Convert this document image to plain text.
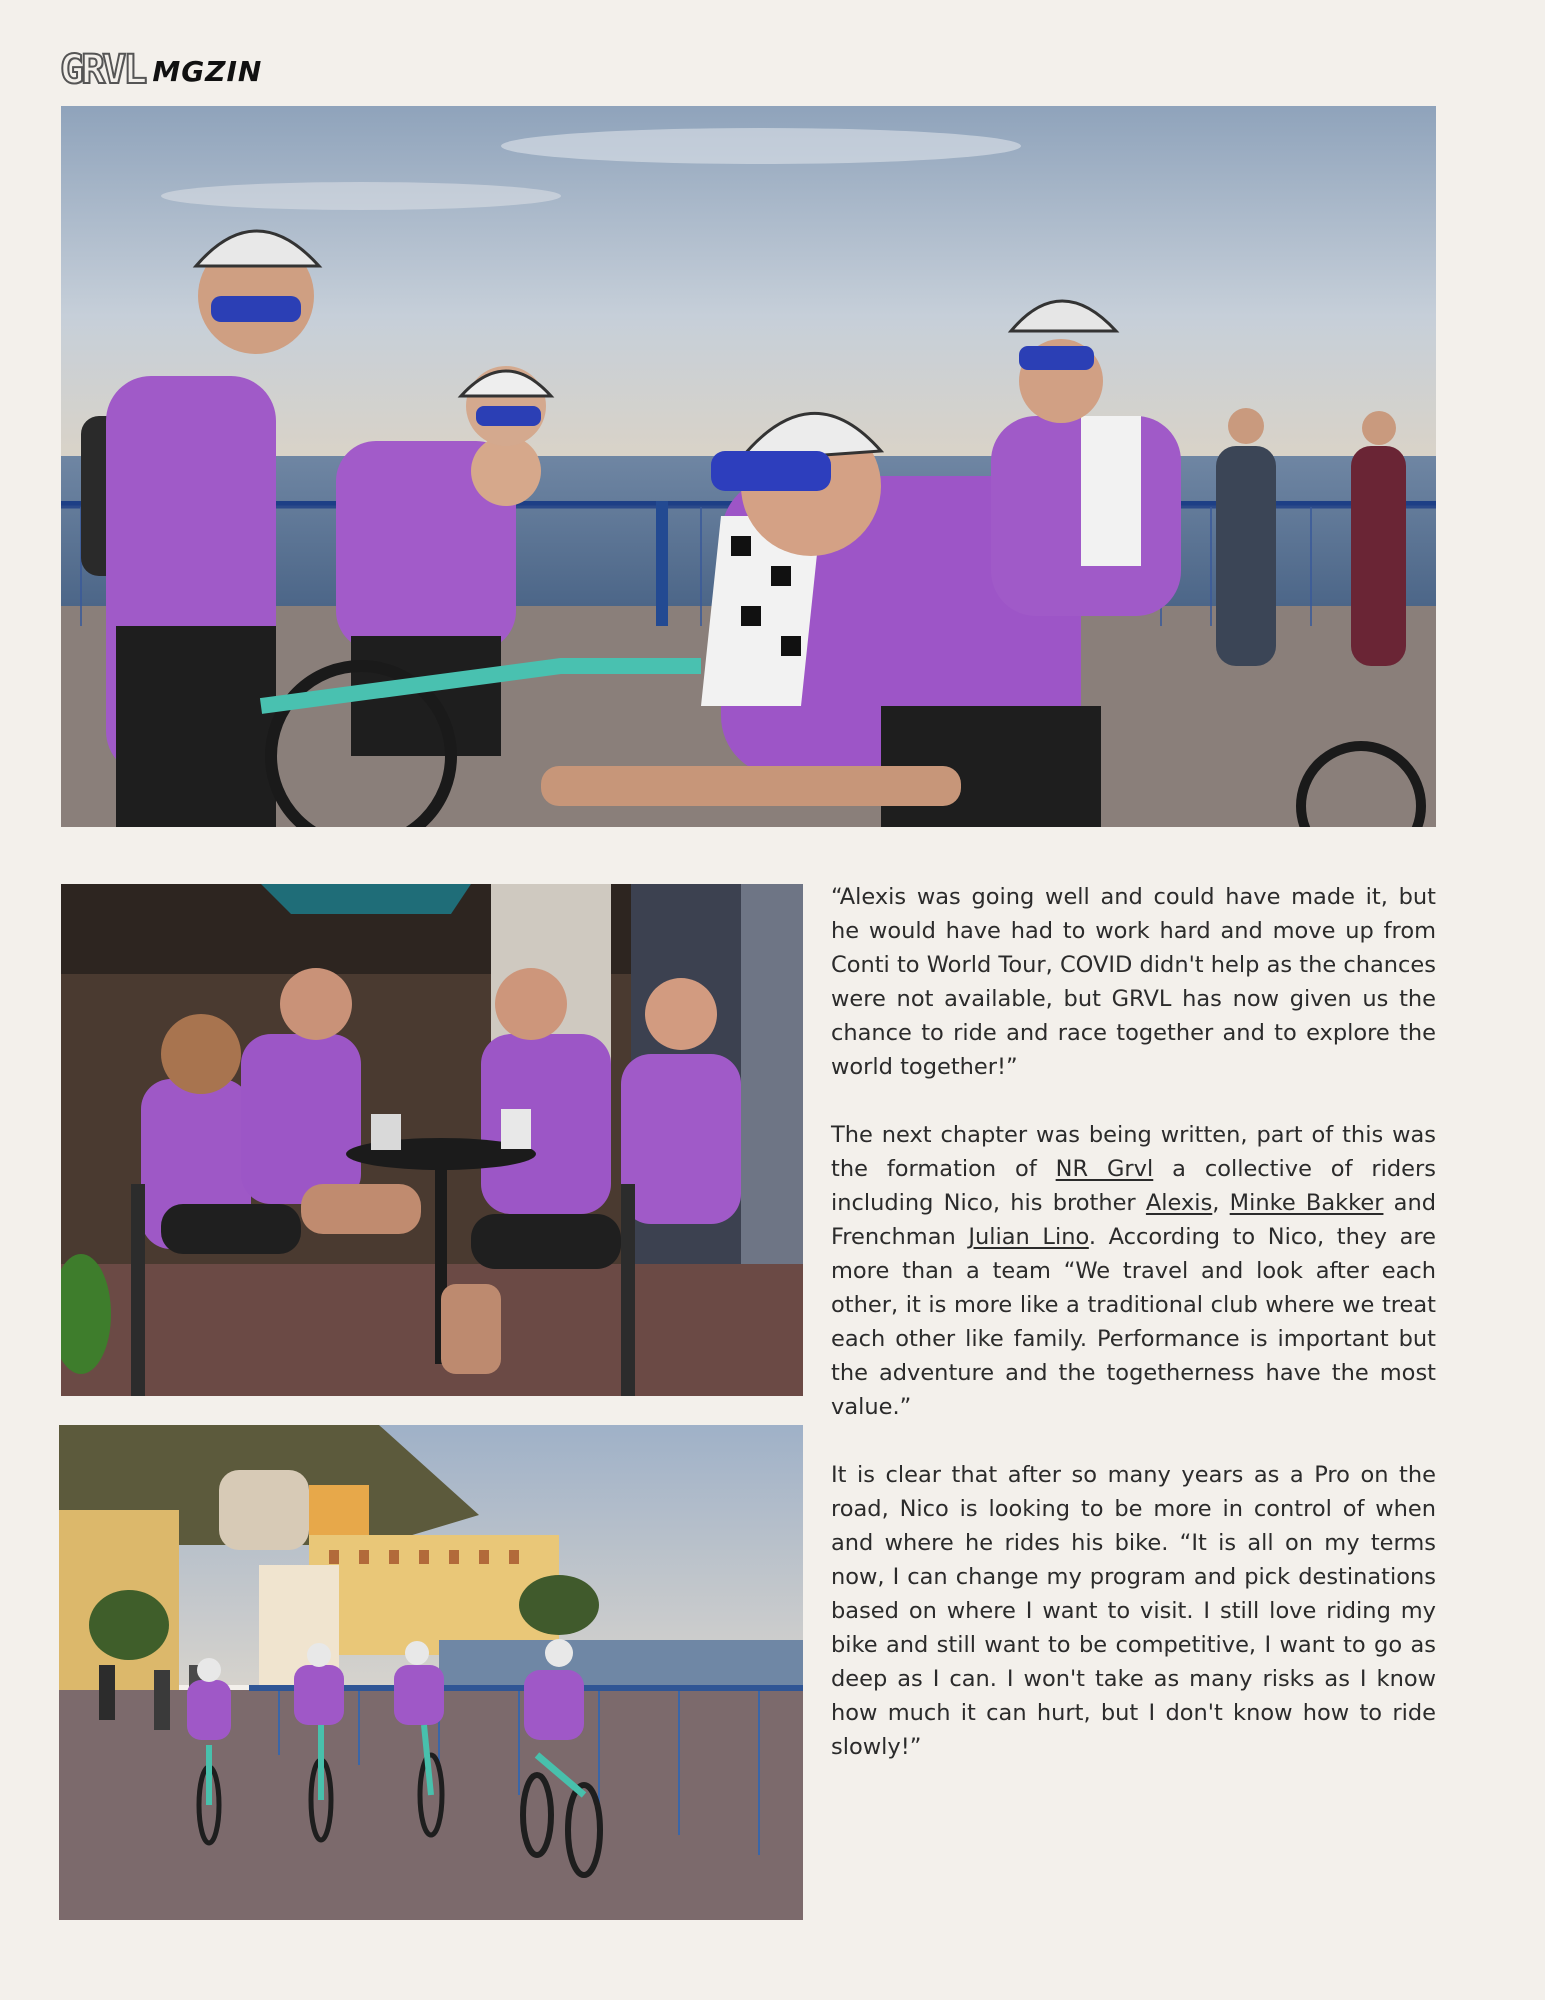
GRVL MGZIN

“Alexis was going well and could have made it, but he would have had to work hard and move up from Conti to World Tour, COVID didn't help as the chances were not available, but GRVL has now given us the chance to ride and race together and to explore the world together!”

The next chapter was being written, part of this was the formation of NR Grvl a collective of riders including Nico, his brother Alexis, Minke Bakker and Frenchman Julian Lino. According to Nico, they are more than a team “We travel and look after each other, it is more like a traditional club where we treat each other like family. Performance is important but the adventure and the togetherness have the most value.”

It is clear that after so many years as a Pro on the road, Nico is looking to be more in control of when and where he rides his bike. “It is all on my terms now, I can change my program and pick destinations based on where I want to visit. I still love riding my bike and still want to be competitive, I want to go as deep as I can. I won't take as many risks as I know how much it can hurt, but I don't know how to ride slowly!”
